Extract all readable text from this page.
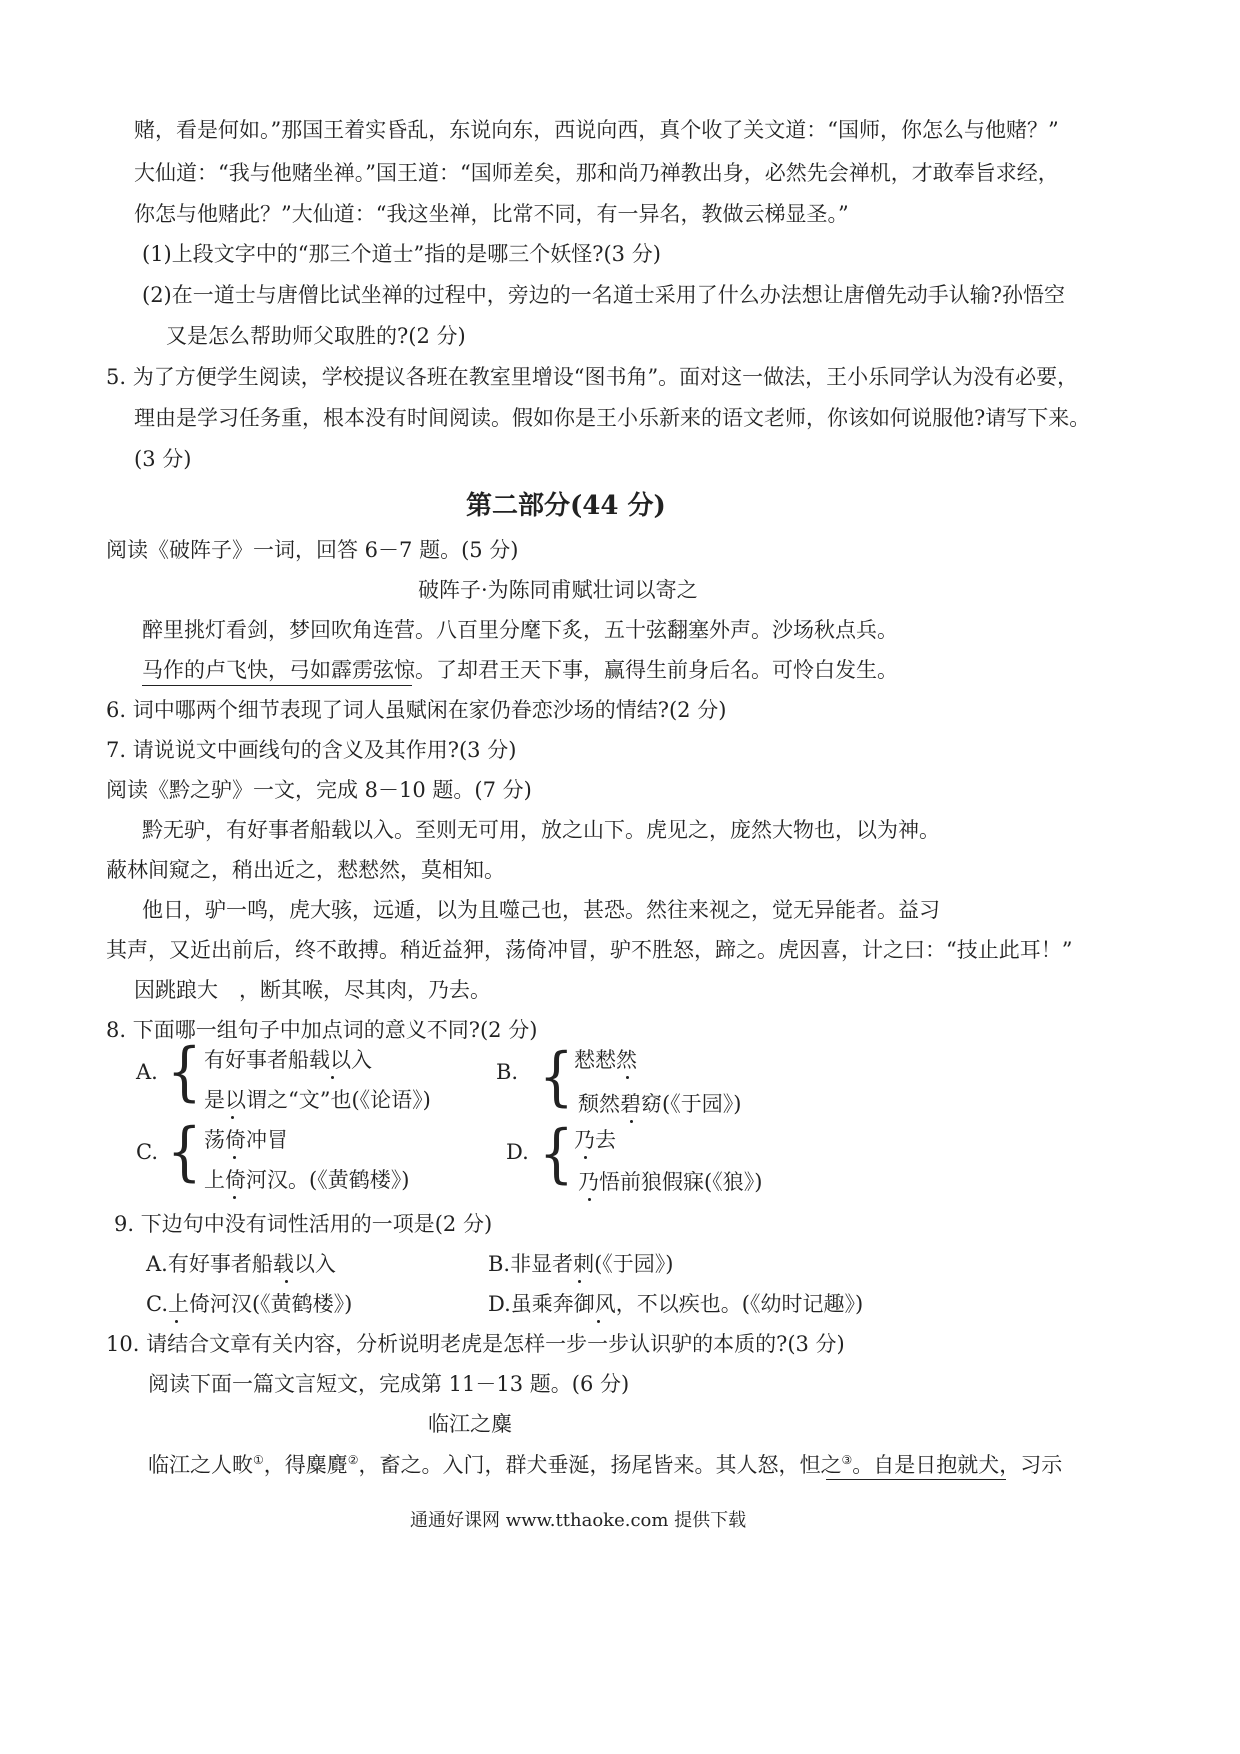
赌，看是何如。”那国王着实昏乱，东说向东，西说向西，真个收了关文道：“国师，你怎么与他赌？”
大仙道：“我与他赌坐禅。”国王道：“国师差矣，那和尚乃禅教出身，必然先会禅机，才敢奉旨求经，
你怎与他赌此？”大仙道：“我这坐禅，比常不同，有一异名，教做云梯显圣。”
(1)上段文字中的“那三个道士”指的是哪三个妖怪?(3 分)
(2)在一道士与唐僧比试坐禅的过程中，旁边的一名道士采用了什么办法想让唐僧先动手认输?孙悟空
又是怎么帮助师父取胜的?(2 分)
5. 为了方便学生阅读，学校提议各班在教室里增设“图书角”。面对这一做法，王小乐同学认为没有必要，
理由是学习任务重，根本没有时间阅读。假如你是王小乐新来的语文老师，你该如何说服他?请写下来。
(3 分)
第二部分(44 分)
阅读《破阵子》一词，回答 6－7 题。(5 分)
破阵子·为陈同甫赋壮词以寄之
醉里挑灯看剑，梦回吹角连营。八百里分麾下炙，五十弦翻塞外声。沙场秋点兵。
马作的卢飞快，弓如霹雳弦惊。了却君王天下事，赢得生前身后名。可怜白发生。
6. 词中哪两个细节表现了词人虽赋闲在家仍眷恋沙场的情结?(2 分)
7. 请说说文中画线句的含义及其作用?(3 分)
阅读《黔之驴》一文，完成 8－10 题。(7 分)
黔无驴，有好事者船载以入。至则无可用，放之山下。虎见之，庞然大物也，以为神。
蔽林间窥之，稍出近之，慭慭然，莫相知。
他日，驴一鸣，虎大骇，远遁，以为且噬己也，甚恐。然往来视之，觉无异能者。益习
其声，又近出前后，终不敢搏。稍近益狎，荡倚冲冒，驴不胜怒，蹄之。虎因喜，计之曰：“技止此耳！”
因跳踉大　，断其喉，尽其肉，乃去。
8. 下面哪一组句子中加点词的意义不同?(2 分)
A. { 有好事者船载以入
是以谓之“文”也(《论语》)
B. { 慭慭然
颓然碧窈(《于园》)
C. { 荡倚冲冒
上倚河汉。(《黄鹤楼》)
D. { 乃去
乃悟前狼假寐(《狼》)
9. 下边句中没有词性活用的一项是(2 分)
A.有好事者船载以入	B.非显者刺(《于园》)
C.上倚河汉(《黄鹤楼》)	D.虽乘奔御风，不以疾也。(《幼时记趣》)
10. 请结合文章有关内容，分析说明老虎是怎样一步一步认识驴的本质的?(3 分)
阅读下面一篇文言短文，完成第 11－13 题。(6 分)
临江之麋
临江之人畋①，得麋麑②，畜之。入门，群犬垂涎，扬尾皆来。其人怒，怛之③。自是日抱就犬，习示
通通好课网 www.tthaoke.com 提供下载
